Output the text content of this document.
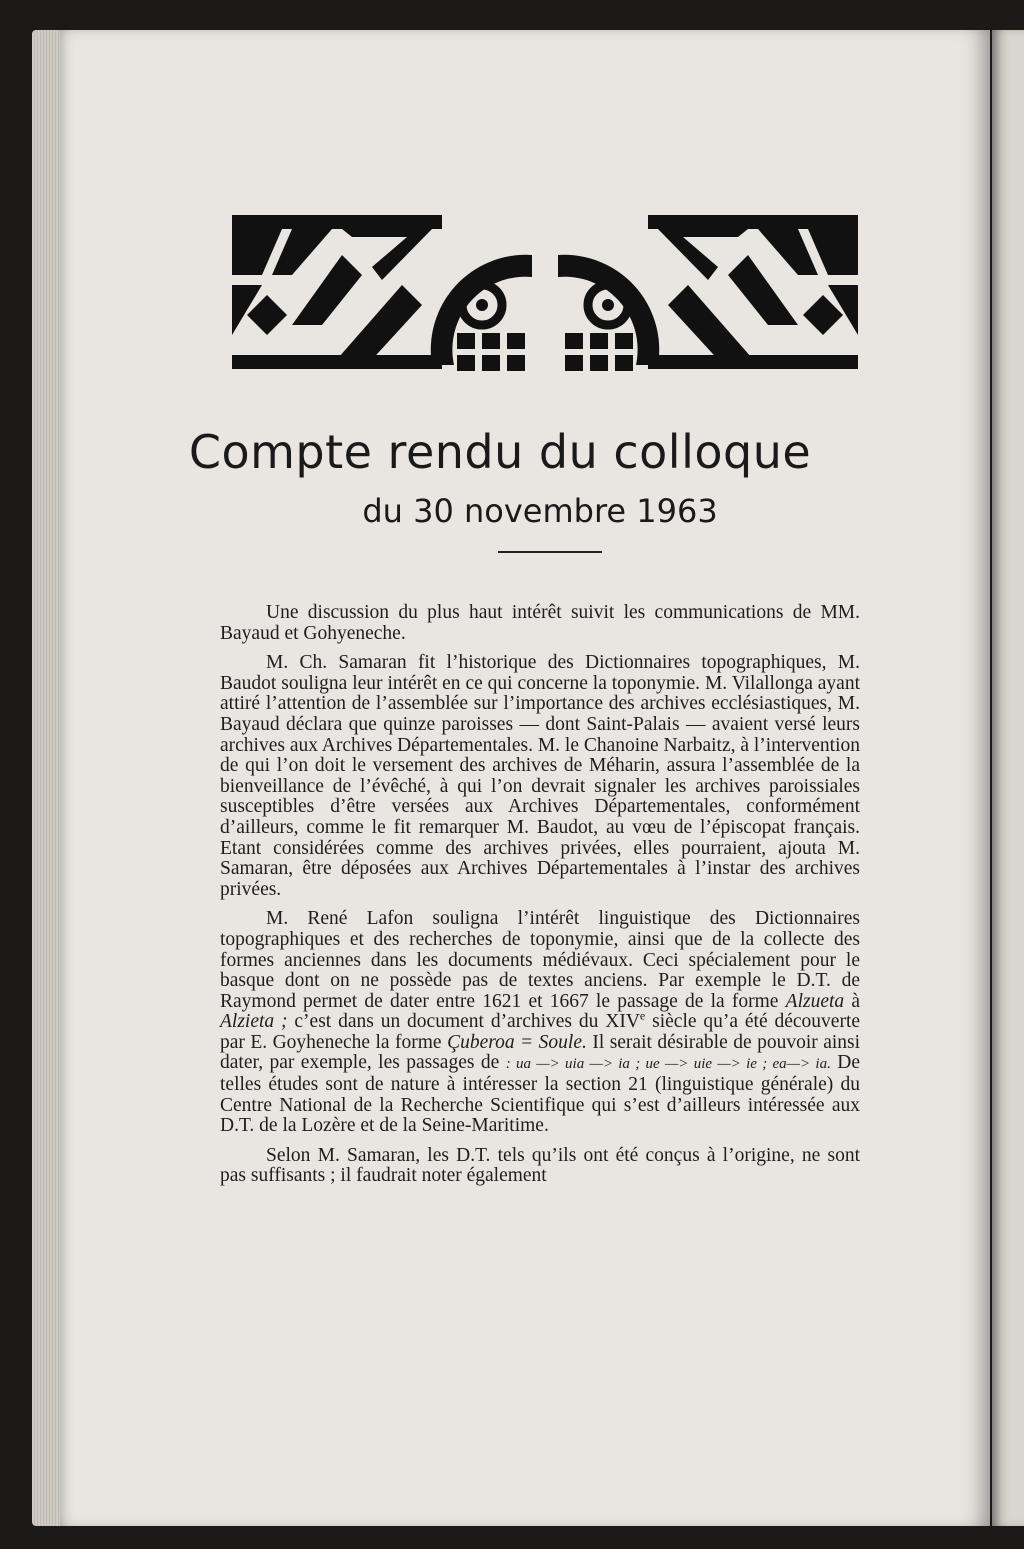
Compte rendu du colloque
du 30 novembre 1963

Une discussion du plus haut intérêt suivit les communications de MM. Bayaud et Gohyeneche.

M. Ch. Samaran fit l’historique des Dictionnaires topographiques, M. Baudot souligna leur intérêt en ce qui concerne la toponymie. M. Vilallonga ayant attiré l’attention de l’assemblée sur l’importance des archives ecclésiastiques, M. Bayaud déclara que quinze paroisses — dont Saint-Palais — avaient versé leurs archives aux Archives Départementales. M. le Chanoine Narbaitz, à l’intervention de qui l’on doit le versement des archives de Méharin, assura l’assemblée de la bienveillance de l’évêché, à qui l’on devrait signaler les archives paroissiales susceptibles d’être versées aux Archives Départementales, conformément d’ailleurs, comme le fit remarquer M. Baudot, au vœu de l’épiscopat français. Etant considérées comme des archives privées, elles pourraient, ajouta M. Samaran, être déposées aux Archives Départementales à l’instar des archives privées.

M. René Lafon souligna l’intérêt linguistique des Dictionnaires topographiques et des recherches de toponymie, ainsi que de la collecte des formes anciennes dans les documents médiévaux. Ceci spécialement pour le basque dont on ne possède pas de textes anciens. Par exemple le D.T. de Raymond permet de dater entre 1621 et 1667 le passage de la forme Alzueta à Alzieta ; c’est dans un document d’archives du XIVe siècle qu’a été découverte par E. Goyheneche la forme Çuberoa = Soule. Il serait désirable de pouvoir ainsi dater, par exemple, les passages de : ua —> uia —> ia ; ue —> uie —> ie ; ea—> ia. De telles études sont de nature à intéresser la section 21 (linguistique générale) du Centre National de la Recherche Scientifique qui s’est d’ailleurs intéressée aux D.T. de la Lozère et de la Seine-Maritime.

Selon M. Samaran, les D.T. tels qu’ils ont été conçus à l’origine, ne sont pas suffisants ; il faudrait noter également
